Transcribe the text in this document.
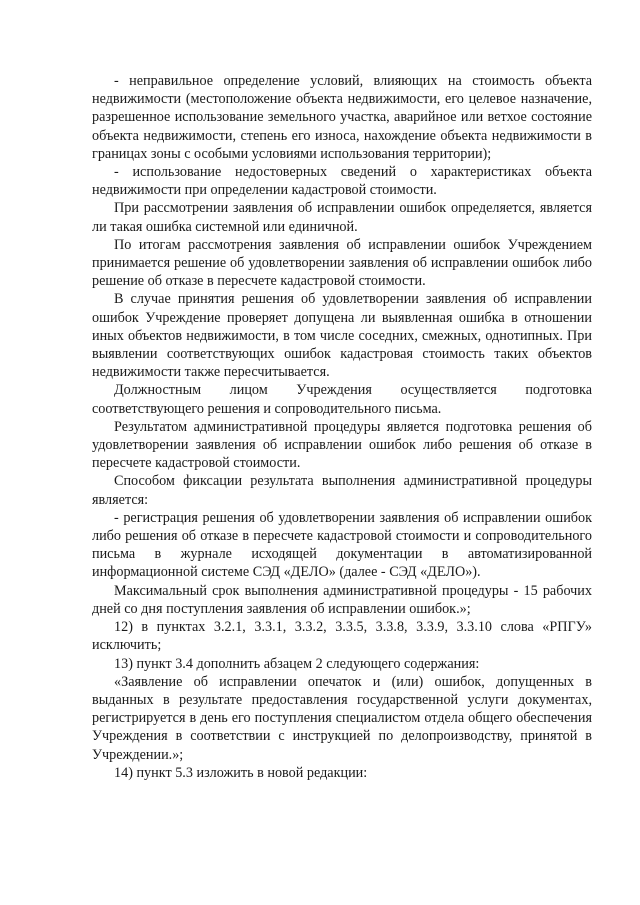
- неправильное определение условий, влияющих на стоимость объекта недвижимости (местоположение объекта недвижимости, его целевое назначение, разрешенное использование земельного участка, аварийное или ветхое состояние объекта недвижимости, степень его износа, нахождение объекта недвижимости в границах зоны с особыми условиями использования территории);

- использование недостоверных сведений о характеристиках объекта недвижимости при определении кадастровой стоимости.

При рассмотрении заявления об исправлении ошибок определяется, является ли такая ошибка системной или единичной.

По итогам рассмотрения заявления об исправлении ошибок Учреждением принимается решение об удовлетворении заявления об исправлении ошибок либо решение об отказе в пересчете кадастровой стоимости.

В случае принятия решения об удовлетворении заявления об исправлении ошибок Учреждение проверяет допущена ли выявленная ошибка в отношении иных объектов недвижимости, в том числе соседних, смежных, однотипных. При выявлении соответствующих ошибок кадастровая стоимость таких объектов недвижимости также пересчитывается.

Должностным лицом Учреждения осуществляется подготовка соответствующего решения и сопроводительного письма.

Результатом административной процедуры является подготовка решения об удовлетворении заявления об исправлении ошибок либо решения об отказе в пересчете кадастровой стоимости.

Способом фиксации результата выполнения административной процедуры является:

- регистрация решения об удовлетворении заявления об исправлении ошибок либо решения об отказе в пересчете кадастровой стоимости и сопроводительного письма в журнале исходящей документации в автоматизированной информационной системе СЭД «ДЕЛО» (далее - СЭД «ДЕЛО»).

Максимальный срок выполнения административной процедуры - 15 рабочих дней со дня поступления заявления об исправлении ошибок.»;

12) в пунктах 3.2.1, 3.3.1, 3.3.2, 3.3.5, 3.3.8, 3.3.9, 3.3.10 слова «РПГУ» исключить;

13) пункт 3.4 дополнить абзацем 2 следующего содержания:

«Заявление об исправлении опечаток и (или) ошибок, допущенных в выданных в результате предоставления государственной услуги документах, регистрируется в день его поступления специалистом отдела общего обеспечения Учреждения в соответствии с инструкцией по делопроизводству, принятой в Учреждении.»;

14) пункт 5.3 изложить в новой редакции:
